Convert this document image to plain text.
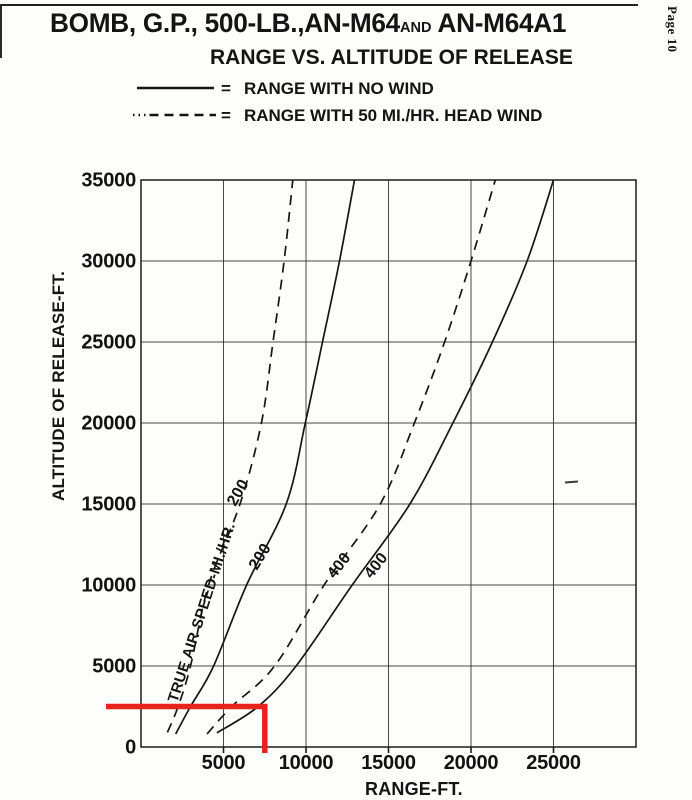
5000 10000 15000 20000 25000
0
5000
10000
15000
20000
25000
30000
35000
Page 10
BOMB, G.P., 500-LB.,AN-M64AND AN-M64A1
RANGE VS. ALTITUDE OF RELEASE
= RANGE WITH NO WIND
= RANGE WITH 50 MI./HR. HEAD WIND
ALTITUDE OF RELEASE-FT.
RANGE-FT.
TRUE AIR SPEED-MI./HR.
200
200	400 400
